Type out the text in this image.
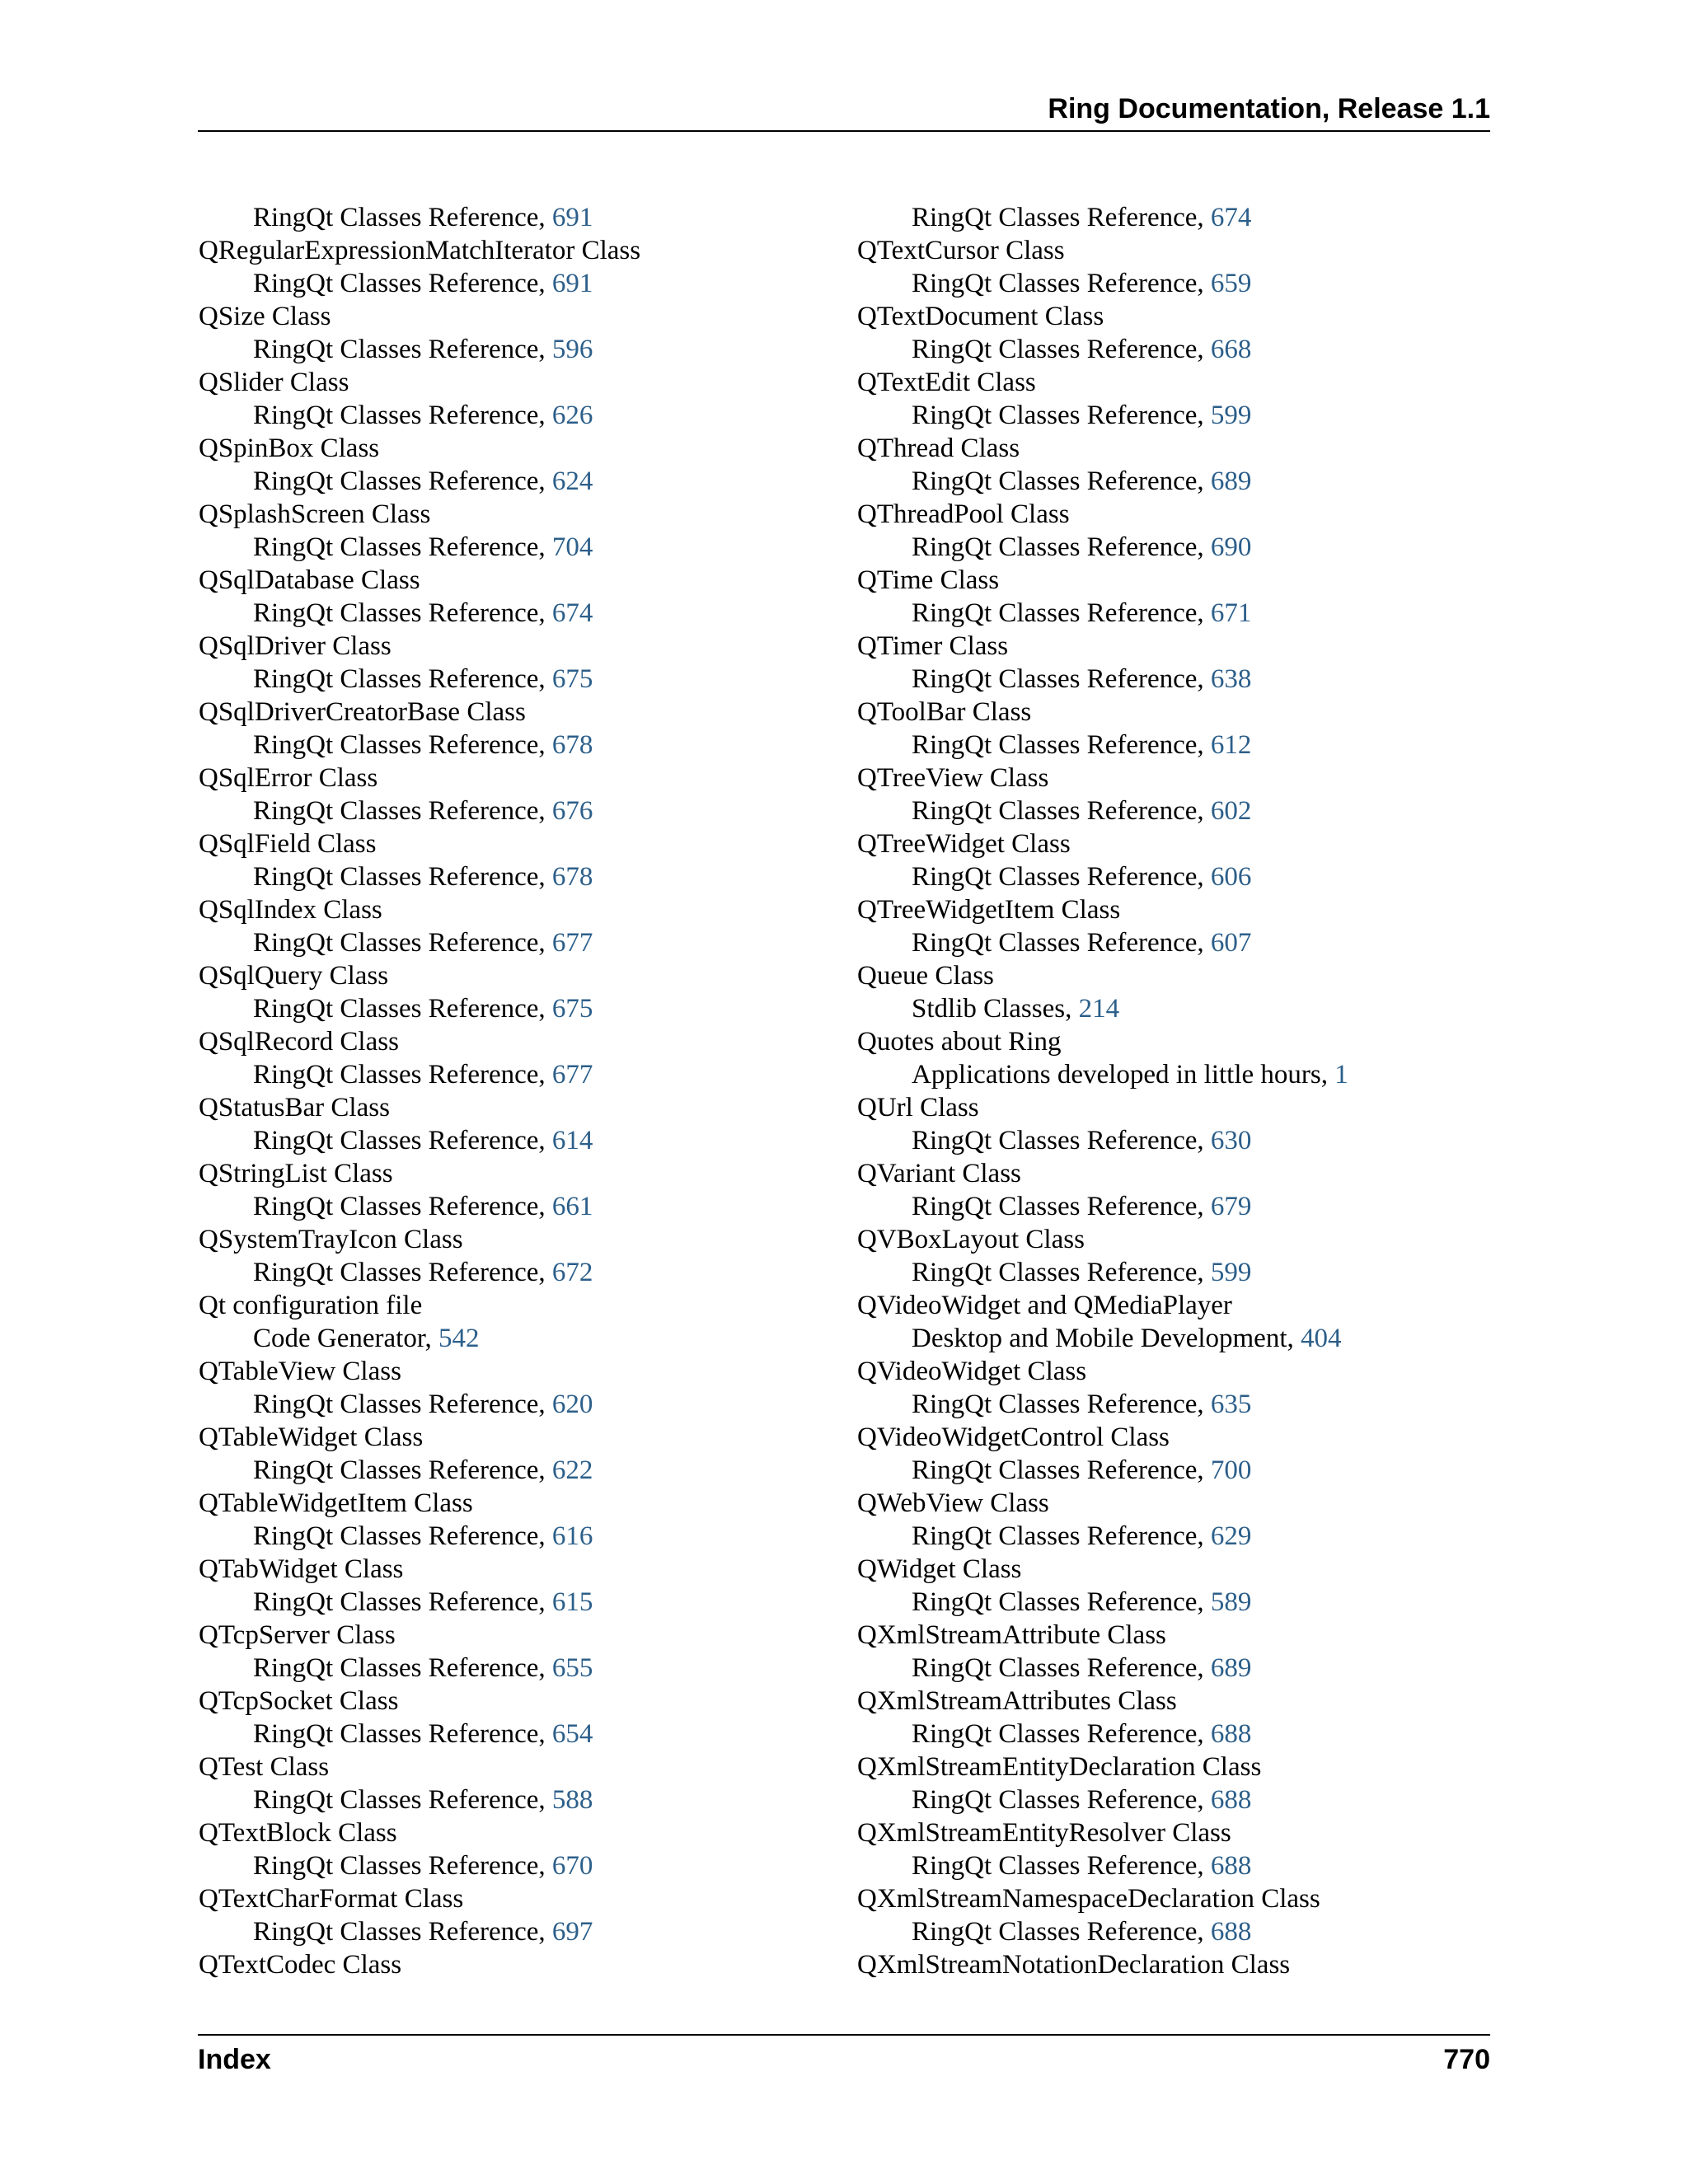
Ring Documentation, Release 1.1
RingQt Classes Reference, 691
QRegularExpressionMatchIterator Class
RingQt Classes Reference, 691
QSize Class
RingQt Classes Reference, 596
QSlider Class
RingQt Classes Reference, 626
QSpinBox Class
RingQt Classes Reference, 624
QSplashScreen Class
RingQt Classes Reference, 704
QSqlDatabase Class
RingQt Classes Reference, 674
QSqlDriver Class
RingQt Classes Reference, 675
QSqlDriverCreatorBase Class
RingQt Classes Reference, 678
QSqlError Class
RingQt Classes Reference, 676
QSqlField Class
RingQt Classes Reference, 678
QSqlIndex Class
RingQt Classes Reference, 677
QSqlQuery Class
RingQt Classes Reference, 675
QSqlRecord Class
RingQt Classes Reference, 677
QStatusBar Class
RingQt Classes Reference, 614
QStringList Class
RingQt Classes Reference, 661
QSystemTrayIcon Class
RingQt Classes Reference, 672
Qt configuration file
Code Generator, 542
QTableView Class
RingQt Classes Reference, 620
QTableWidget Class
RingQt Classes Reference, 622
QTableWidgetItem Class
RingQt Classes Reference, 616
QTabWidget Class
RingQt Classes Reference, 615
QTcpServer Class
RingQt Classes Reference, 655
QTcpSocket Class
RingQt Classes Reference, 654
QTest Class
RingQt Classes Reference, 588
QTextBlock Class
RingQt Classes Reference, 670
QTextCharFormat Class
RingQt Classes Reference, 697
QTextCodec Class
RingQt Classes Reference, 674
QTextCursor Class
RingQt Classes Reference, 659
QTextDocument Class
RingQt Classes Reference, 668
QTextEdit Class
RingQt Classes Reference, 599
QThread Class
RingQt Classes Reference, 689
QThreadPool Class
RingQt Classes Reference, 690
QTime Class
RingQt Classes Reference, 671
QTimer Class
RingQt Classes Reference, 638
QToolBar Class
RingQt Classes Reference, 612
QTreeView Class
RingQt Classes Reference, 602
QTreeWidget Class
RingQt Classes Reference, 606
QTreeWidgetItem Class
RingQt Classes Reference, 607
Queue Class
Stdlib Classes, 214
Quotes about Ring
Applications developed in little hours, 1
QUrl Class
RingQt Classes Reference, 630
QVariant Class
RingQt Classes Reference, 679
QVBoxLayout Class
RingQt Classes Reference, 599
QVideoWidget and QMediaPlayer
Desktop and Mobile Development, 404
QVideoWidget Class
RingQt Classes Reference, 635
QVideoWidgetControl Class
RingQt Classes Reference, 700
QWebView Class
RingQt Classes Reference, 629
QWidget Class
RingQt Classes Reference, 589
QXmlStreamAttribute Class
RingQt Classes Reference, 689
QXmlStreamAttributes Class
RingQt Classes Reference, 688
QXmlStreamEntityDeclaration Class
RingQt Classes Reference, 688
QXmlStreamEntityResolver Class
RingQt Classes Reference, 688
QXmlStreamNamespaceDeclaration Class
RingQt Classes Reference, 688
QXmlStreamNotationDeclaration Class
Index	770
